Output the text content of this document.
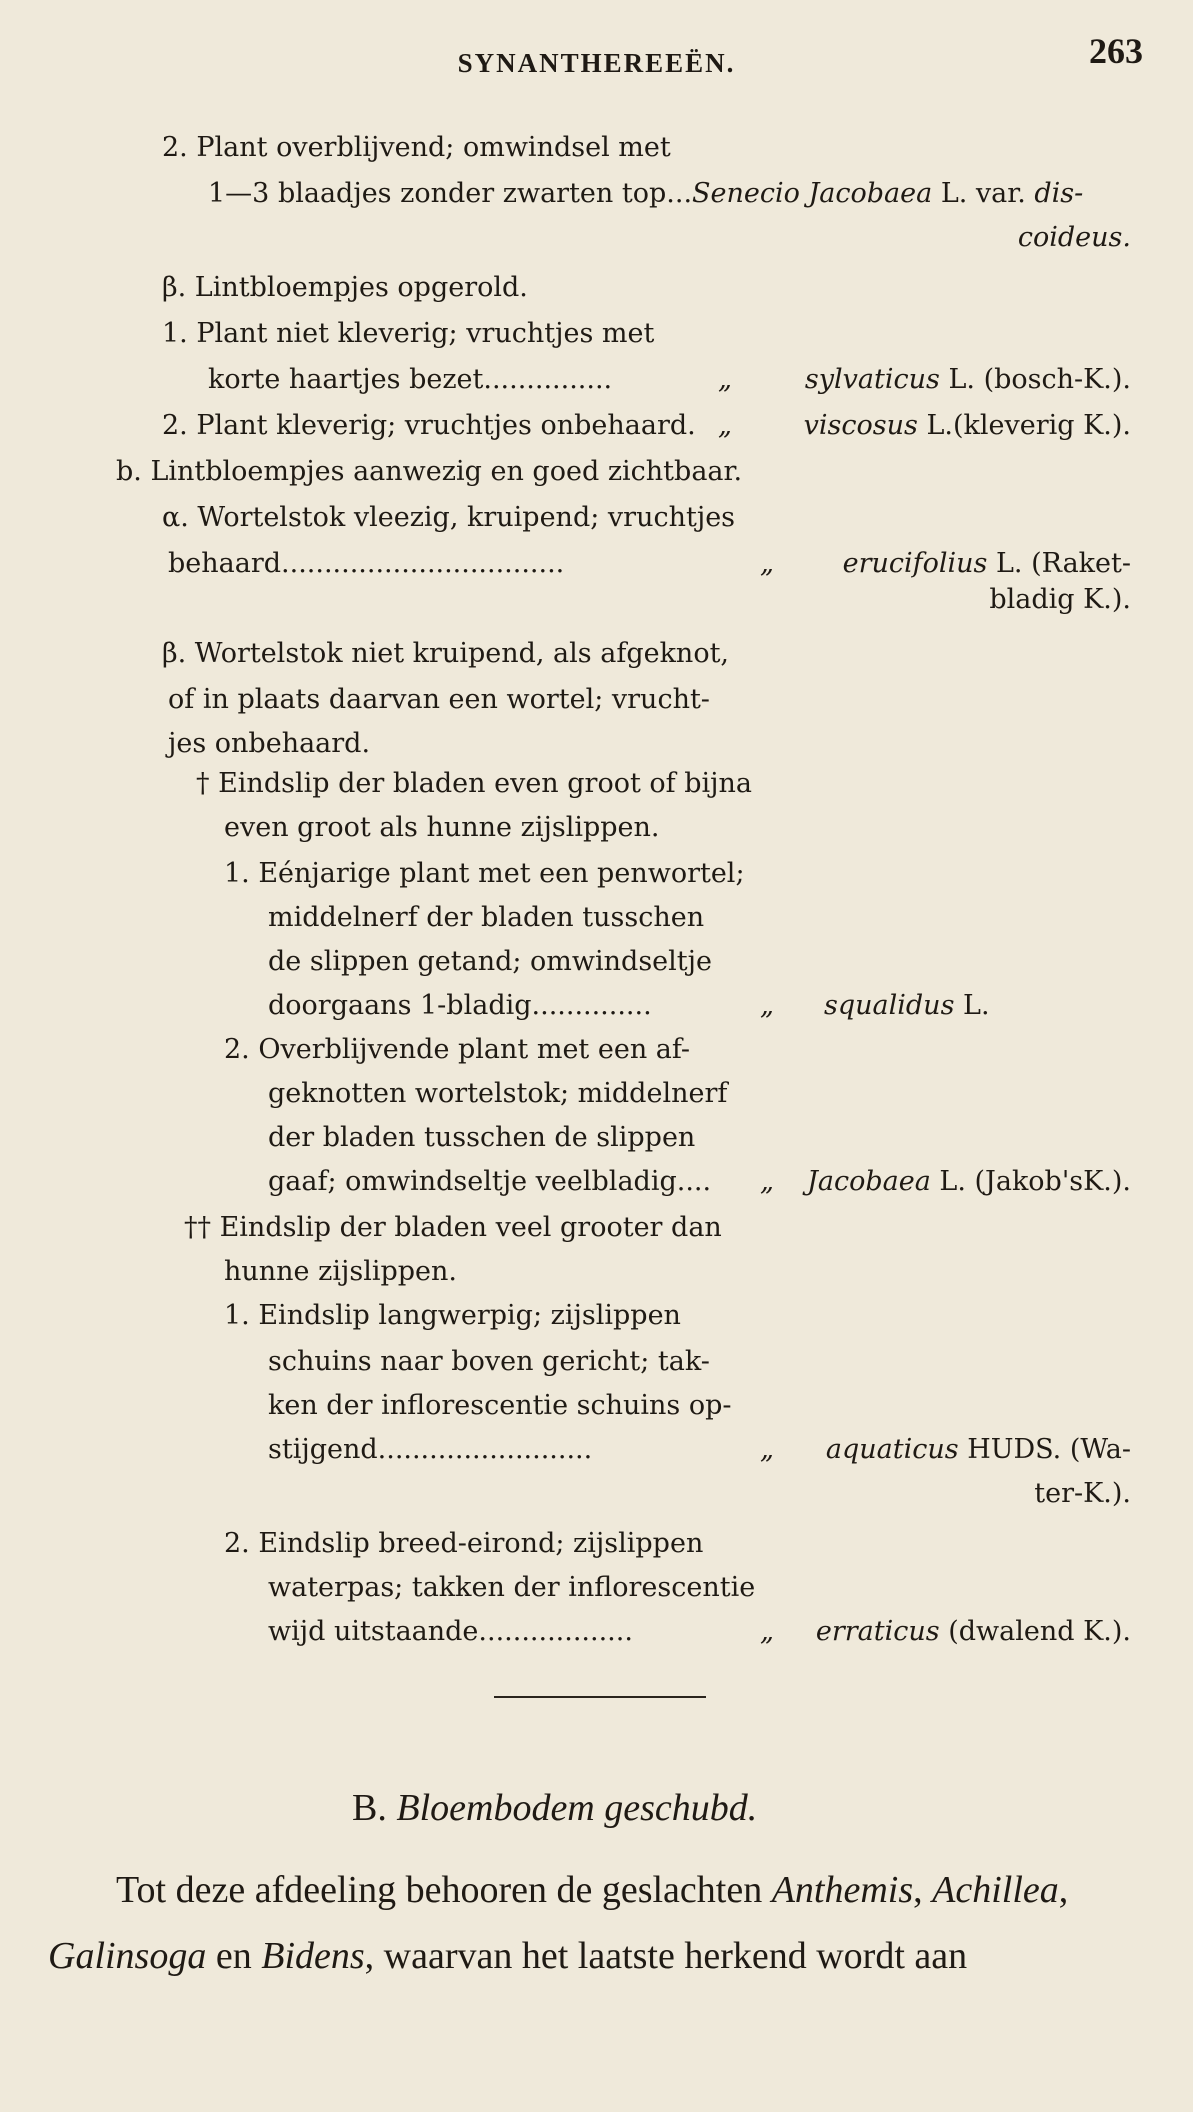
SYNANTHEREEËN.	263
2. Plant overblijvend; omwindsel met
1—3 blaadjes zonder zwarten top...Senecio Jacobaea L. var. dis-
coideus.
β. Lintbloempjes opgerold.
1. Plant niet kleverig; vruchtjes met
korte haartjes bezet...............	„	sylvaticus L. (bosch-K.).
2. Plant kleverig; vruchtjes onbehaard. „	viscosus L.(kleverig K.).
b. Lintbloempjes aanwezig en goed zichtbaar.
α. Wortelstok vleezig, kruipend; vruchtjes
behaard.................................	„	erucifolius L. (Raket-
bladig K.).
β. Wortelstok niet kruipend, als afgeknot,
of in plaats daarvan een wortel; vrucht-
jes onbehaard.
† Eindslip der bladen even groot of bijna
even groot als hunne zijslippen.
1. Eénjarige plant met een penwortel;
middelnerf der bladen tusschen
de slippen getand; omwindseltje
doorgaans 1-bladig..............	„ squalidus L.
2. Overblijvende plant met een af-
geknotten wortelstok; middelnerf
der bladen tusschen de slippen
gaaf; omwindseltje veelbladig.... „ Jacobaea L. (Jakob'sK.).
†† Eindslip der bladen veel grooter dan
hunne zijslippen.
1. Eindslip langwerpig; zijslippen
schuins naar boven gericht; tak-
ken der inflorescentie schuins op-
stijgend.........................	„ aquaticus HUDS. (Wa-
ter-K.).
2. Eindslip breed-eirond; zijslippen
waterpas; takken der inflorescentie
wijd uitstaande..................	„ erraticus (dwalend K.).
B. Bloembodem geschubd.
Tot deze afdeeling behooren de geslachten Anthemis, Achillea,
Galinsoga en Bidens, waarvan het laatste herkend wordt aan
